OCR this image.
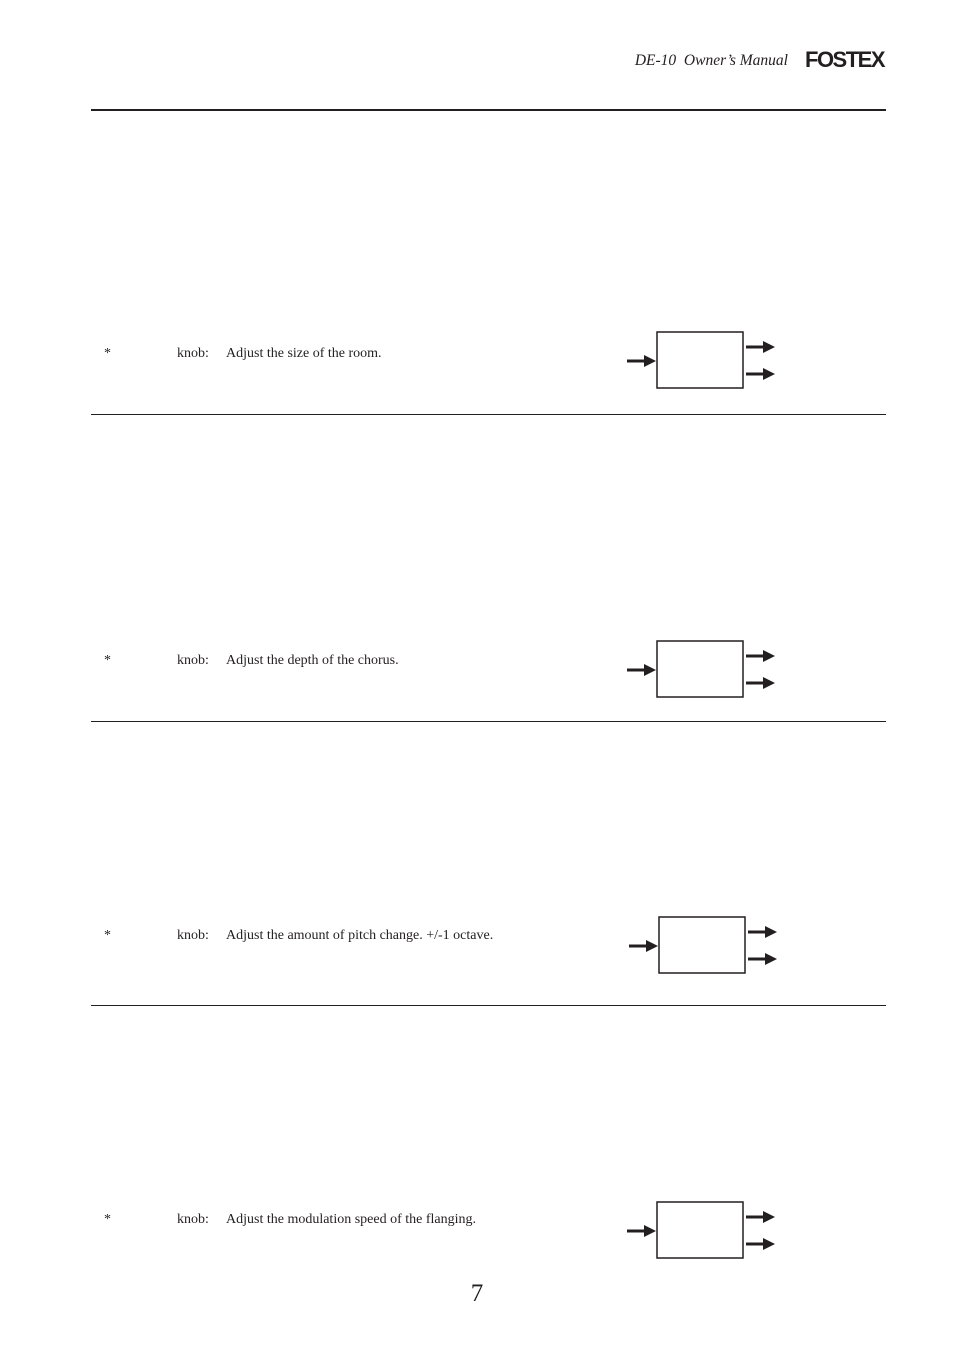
DE-10  Owner’s Manual FOSTEX
*	knob: Adjust the size of the room.
*	knob: Adjust the depth of the chorus.
*	knob: Adjust the amount of pitch change. +/-1 octave.
*	knob: Adjust the modulation speed of the flanging.
7
